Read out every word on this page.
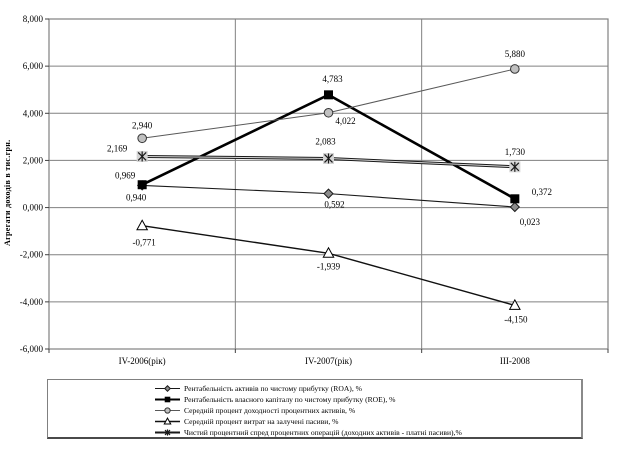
Агрегати доходів в тис.грн.
8,000
6,000
4,000
2,000
0,000
-2,000
-4,000
-6,000
IV-2006(рік)	IV-2007(рік)	III-2008
0,940
0,592
0,023
0,969
4,783
0,372
2,940	4,022
5,880
-0,771
-1,939
-4,150
2,169
2,083
1,730
Рентабельність активів по чистому прибутку (ROA), %
Рентабельність власного капіталу по чистому прибутку (ROE), %
Середній процент доходності процентних активів, %
Середній процент витрат на залучені пасиви, %
Чистий процентний спред процентних операцій (доходних активів - платні пасиви),%
